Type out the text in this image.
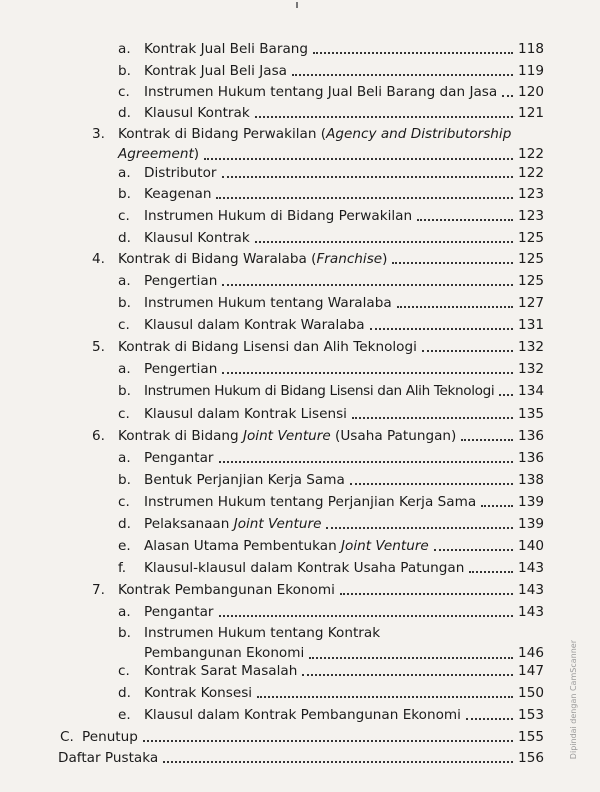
a. Kontrak Jual Beli Barang	118
b. Kontrak Jual Beli Jasa	119
c.	Instrumen Hukum tentang Jual Beli Barang dan Jasa 120
d. Klausul Kontrak	121
3. Kontrak di Bidang Perwakilan (Agency and Distributorship
Agreement )	122
a. Distributor	122
b. Keagenan	123
c.	Instrumen Hukum di Bidang Perwakilan	123
d. Klausul Kontrak	125
4. Kontrak di Bidang Waralaba (Franchise)	125
a. Pengertian	125
b. Instrumen Hukum tentang Waralaba	127
c.	Klausul dalam Kontrak Waralaba	131
5. Kontrak di Bidang Lisensi dan Alih Teknologi	132
a. Pengertian	132
b. Instrumen Hukum di Bidang Lisensi dan Alih Teknologi 134
c.	Klausul dalam Kontrak Lisensi	135
6. Kontrak di Bidang Joint Venture (Usaha Patungan)	136
a. Pengantar	136
b. Bentuk Perjanjian Kerja Sama	138
c.	Instrumen Hukum tentang Perjanjian Kerja Sama	139
d. Pelaksanaan Joint Venture	139
e. Alasan Utama Pembentukan Joint Venture	140
f.	Klausul-klausul dalam Kontrak Usaha Patungan	143
7. Kontrak Pembangunan Ekonomi	143
a. Pengantar	143
b. Instrumen Hukum tentang Kontrak
Pembangunan Ekonomi	146
c.	Kontrak Sarat Masalah	147
d. Kontrak Konsesi	150
e. Klausul dalam Kontrak Pembangunan Ekonomi	153
C. Penutup	155
Daftar Pustaka	156	Dipindai dengan CamScanner
